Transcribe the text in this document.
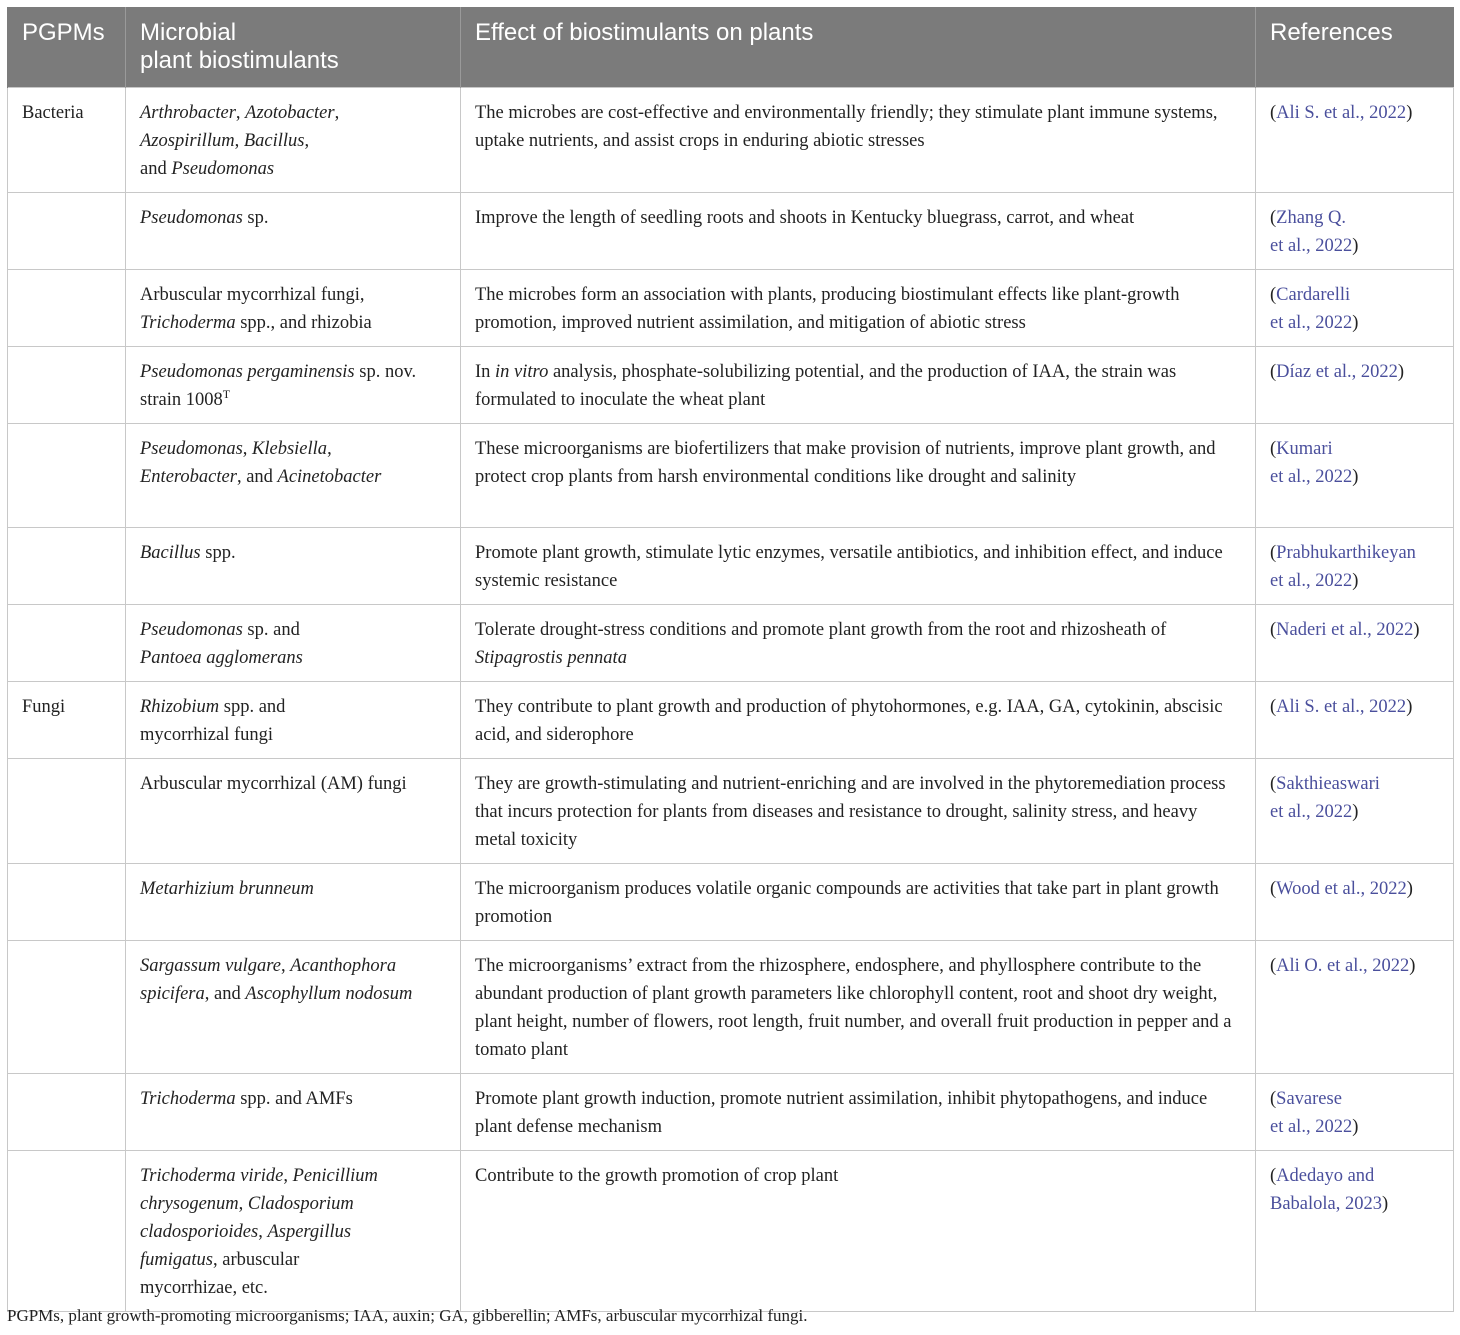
PGPMs	Microbial
plant biostimulants	Effect of biostimulants on plants	References
Bacteria	Arthrobacter, Azotobacter,
Azospirillum, Bacillus,
and Pseudomonas	The microbes are cost-effective and environmentally friendly; they stimulate plant immune systems, uptake nutrients, and assist crops in enduring abiotic stresses	(Ali S. et al., 2022)
	Pseudomonas sp.	Improve the length of seedling roots and shoots in Kentucky bluegrass, carrot, and wheat	(Zhang Q.
et al., 2022)
	Arbuscular mycorrhizal fungi,
Trichoderma spp., and rhizobia	The microbes form an association with plants, producing biostimulant effects like plant-growth promotion, improved nutrient assimilation, and mitigation of abiotic stress	(Cardarelli
et al., 2022)
	Pseudomonas pergaminensis sp. nov.
strain $1008^T$	In in vitro analysis, phosphate-solubilizing potential, and the production of IAA, the strain was formulated to inoculate the wheat plant	(Díaz et al., 2022)
	Pseudomonas, Klebsiella,
Enterobacter, and Acinetobacter	These microorganisms are biofertilizers that make provision of nutrients, improve plant growth, and protect crop plants from harsh environmental conditions like drought and salinity	(Kumari
et al., 2022)
	Bacillus spp.	Promote plant growth, stimulate lytic enzymes, versatile antibiotics, and inhibition effect, and induce systemic resistance	(Prabhukarthikeyan
et al., 2022)
	Pseudomonas sp. and
Pantoea agglomerans	Tolerate drought-stress conditions and promote plant growth from the root and rhizosheath of Stipagrostis pennata	(Naderi et al., 2022)
Fungi	Rhizobium spp. and
mycorrhizal fungi	They contribute to plant growth and production of phytohormones, e.g. IAA, GA, cytokinin, abscisic acid, and siderophore	(Ali S. et al., 2022)
	Arbuscular mycorrhizal (AM) fungi	They are growth-stimulating and nutrient-enriching and are involved in the phytoremediation process that incurs protection for plants from diseases and resistance to drought, salinity stress, and heavy metal toxicity	(Sakthieaswari
et al., 2022)
	Metarhizium brunneum	The microorganism produces volatile organic compounds are activities that take part in plant growth promotion	(Wood et al., 2022)
	Sargassum vulgare, Acanthophora
spicifera, and Ascophyllum nodosum	The microorganisms’ extract from the rhizosphere, endosphere, and phyllosphere contribute to the abundant production of plant growth parameters like chlorophyll content, root and shoot dry weight, plant height, number of flowers, root length, fruit number, and overall fruit production in pepper and a tomato plant	(Ali O. et al., 2022)
	Trichoderma spp. and AMFs	Promote plant growth induction, promote nutrient assimilation, inhibit phytopathogens, and induce plant defense mechanism	(Savarese
et al., 2022)
	Trichoderma viride, Penicillium
chrysogenum, Cladosporium
cladosporioides, Aspergillus
fumigatus, arbuscular
mycorrhizae, etc.	Contribute to the growth promotion of crop plant	(Adedayo and
Babalola, 2023)
PGPMs, plant growth-promoting microorganisms; IAA, auxin; GA, gibberellin; AMFs, arbuscular mycorrhizal fungi.
